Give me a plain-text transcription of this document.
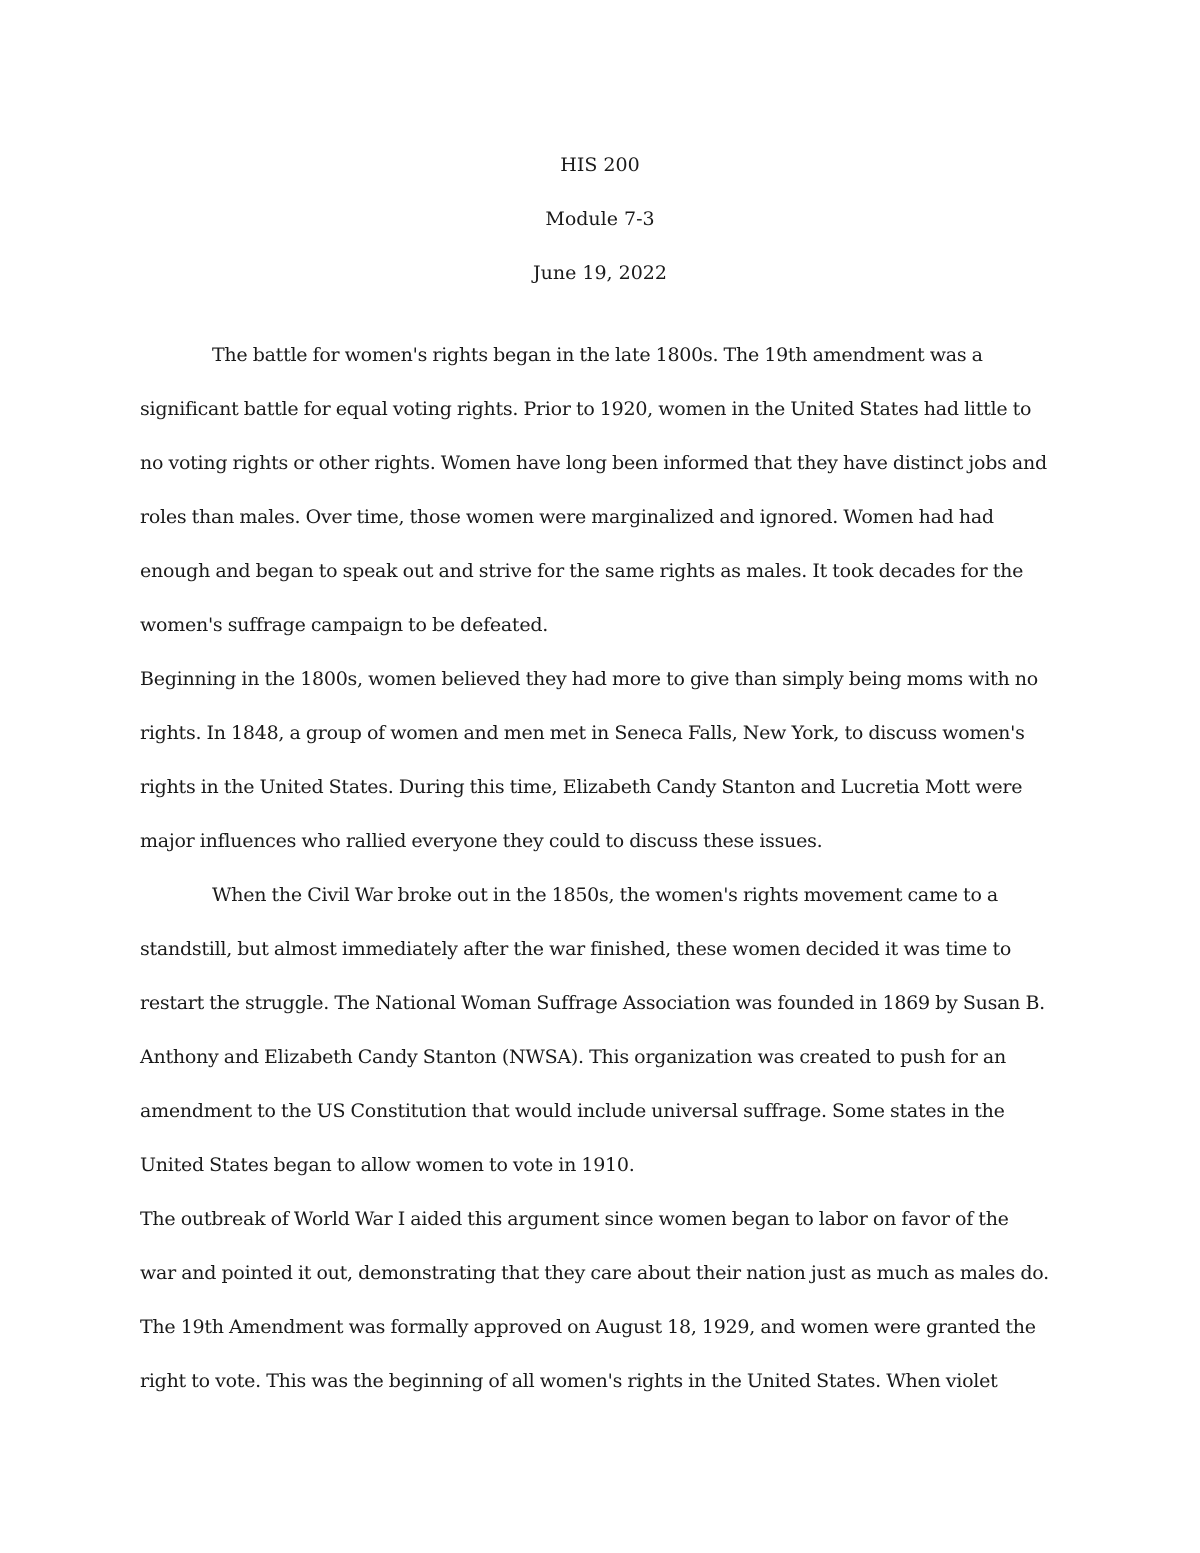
HIS 200
Module 7-3
June 19, 2022
The battle for women's rights began in the late 1800s. The 19th amendment was a
significant battle for equal voting rights. Prior to 1920, women in the United States had little to
no voting rights or other rights. Women have long been informed that they have distinct jobs and
roles than males. Over time, those women were marginalized and ignored. Women had had
enough and began to speak out and strive for the same rights as males. It took decades for the
women's suffrage campaign to be defeated.
Beginning in the 1800s, women believed they had more to give than simply being moms with no
rights. In 1848, a group of women and men met in Seneca Falls, New York, to discuss women's
rights in the United States. During this time, Elizabeth Candy Stanton and Lucretia Mott were
major influences who rallied everyone they could to discuss these issues.
When the Civil War broke out in the 1850s, the women's rights movement came to a
standstill, but almost immediately after the war finished, these women decided it was time to
restart the struggle. The National Woman Suffrage Association was founded in 1869 by Susan B.
Anthony and Elizabeth Candy Stanton (NWSA). This organization was created to push for an
amendment to the US Constitution that would include universal suffrage. Some states in the
United States began to allow women to vote in 1910.
The outbreak of World War I aided this argument since women began to labor on favor of the
war and pointed it out, demonstrating that they care about their nation just as much as males do.
The 19th Amendment was formally approved on August 18, 1929, and women were granted the
right to vote. This was the beginning of all women's rights in the United States. When violet
